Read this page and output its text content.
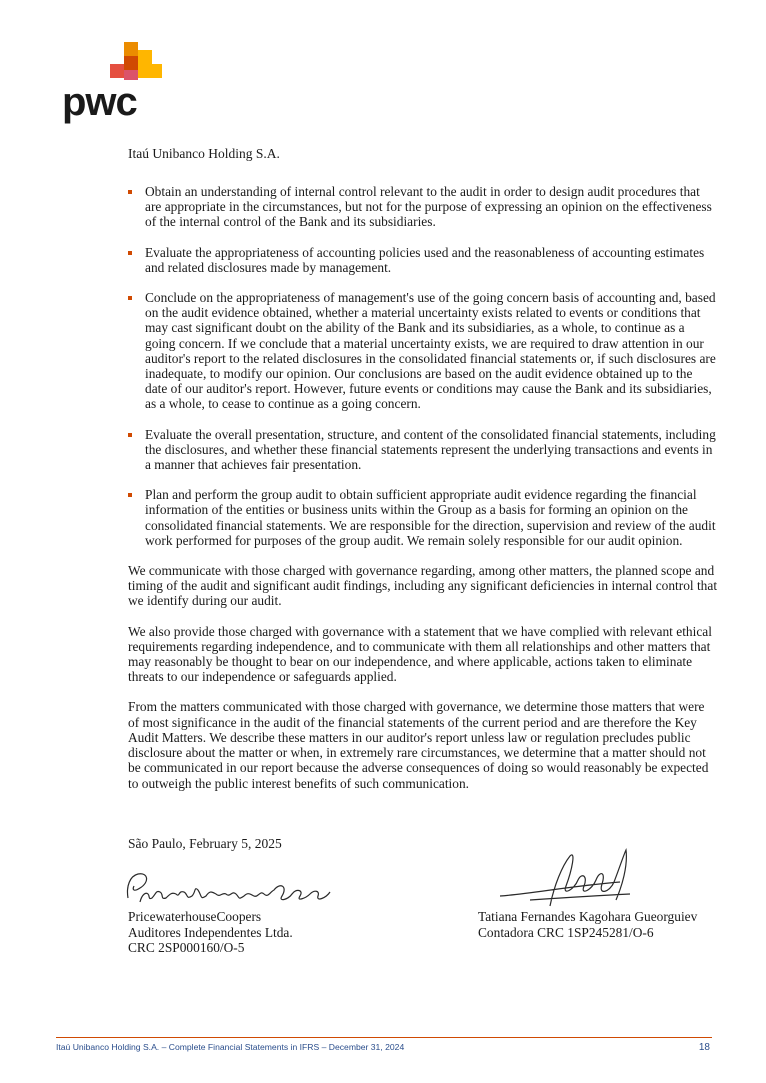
pwc
Itaú Unibanco Holding S.A.
Obtain an understanding of internal control relevant to the audit in order to design audit procedures that are appropriate in the circumstances, but not for the purpose of expressing an opinion on the effectiveness of the internal control of the Bank and its subsidiaries.
Evaluate the appropriateness of accounting policies used and the reasonableness of accounting estimates and related disclosures made by management.
Conclude on the appropriateness of management's use of the going concern basis of accounting and, based on the audit evidence obtained, whether a material uncertainty exists related to events or conditions that may cast significant doubt on the ability of the Bank and its subsidiaries, as a whole, to continue as a going concern. If we conclude that a material uncertainty exists, we are required to draw attention in our auditor's report to the related disclosures in the consolidated financial statements or, if such disclosures are inadequate, to modify our opinion. Our conclusions are based on the audit evidence obtained up to the date of our auditor's report. However, future events or conditions may cause the Bank and its subsidiaries, as a whole, to cease to continue as a going concern.
Evaluate the overall presentation, structure, and content of the consolidated financial statements, including the disclosures, and whether these financial statements represent the underlying transactions and events in a manner that achieves fair presentation.
Plan and perform the group audit to obtain sufficient appropriate audit evidence regarding the financial information of the entities or business units within the Group as a basis for forming an opinion on the consolidated financial statements. We are responsible for the direction, supervision and review of the audit work performed for purposes of the group audit. We remain solely responsible for our audit opinion.

We communicate with those charged with governance regarding, among other matters, the planned scope and timing of the audit and significant audit findings, including any significant deficiencies in internal control that we identify during our audit.

We also provide those charged with governance with a statement that we have complied with relevant ethical requirements regarding independence, and to communicate with them all relationships and other matters that may reasonably be thought to bear on our independence, and where applicable, actions taken to eliminate threats to our independence or safeguards applied.

From the matters communicated with those charged with governance, we determine those matters that were of most significance in the audit of the financial statements of the current period and are therefore the Key Audit Matters. We describe these matters in our auditor's report unless law or regulation precludes public disclosure about the matter or when, in extremely rare circumstances, we determine that a matter should not be communicated in our report because the adverse consequences of doing so would reasonably be expected to outweigh the public interest benefits of such communication.

São Paulo, February 5, 2025
PricewaterhouseCoopers
Auditores Independentes Ltda.
CRC 2SP000160/O-5
Tatiana Fernandes Kagohara Gueorguiev
Contadora CRC 1SP245281/O-6
Itaú Unibanco Holding S.A. – Complete Financial Statements in IFRS – December 31, 2024	18
